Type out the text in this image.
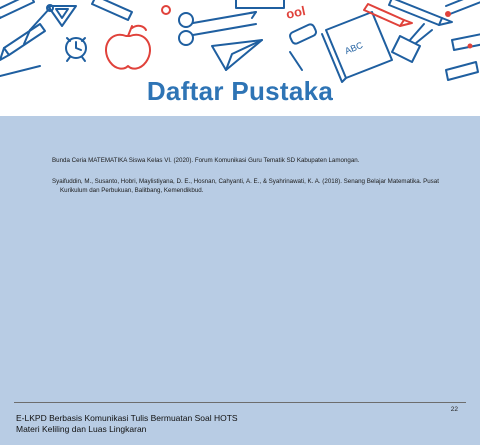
ool
ABC
Daftar Pustaka

Bunda Ceria MATEMATIKA Siswa Kelas VI. (2020). Forum Komunikasi Guru Tematik SD Kabupaten Lamongan.

Syaifuddin, M., Susanto, Hobri, Maylistiyana, D. E., Hosnan, Cahyanti, A. E., & Syahrinawati, K. A. (2018). Senang Belajar Matematika. Pusat Kurikulum dan Perbukuan, Balitbang, Kemendikbud.

22
E-LKPD Berbasis Komunikasi Tulis Bermuatan Soal HOTS
Materi Keliling dan Luas Lingkaran
